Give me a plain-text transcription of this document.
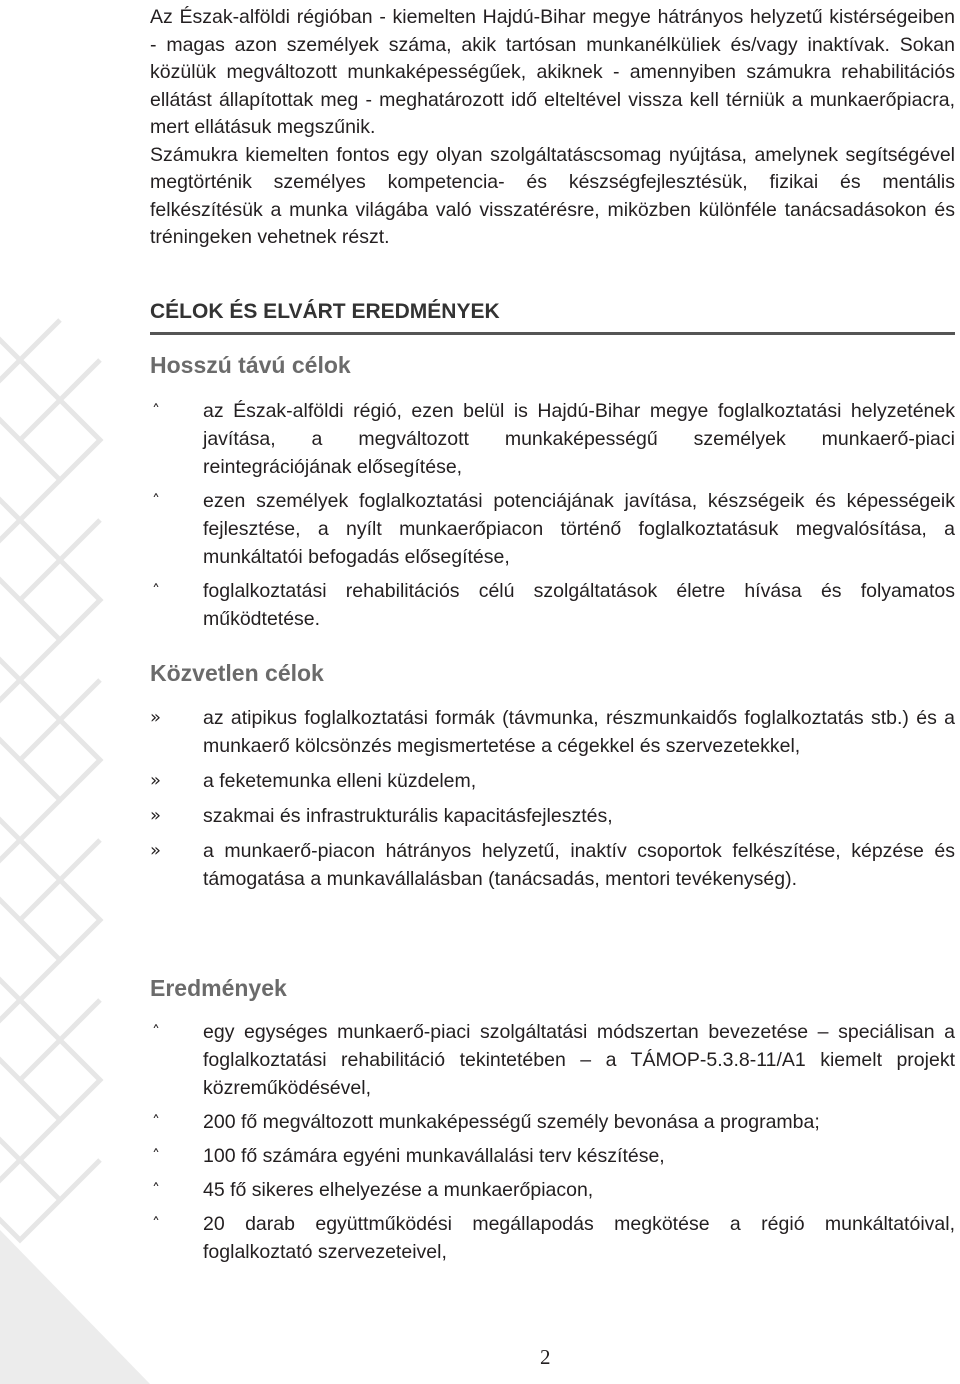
Az Észak-alföldi régióban - kiemelten Hajdú-Bihar megye hátrányos helyzetű kistérségeiben - magas azon személyek száma, akik tartósan munkanélküliek és/vagy inaktívak. Sokan közülük megváltozott munkaképességűek, akiknek - amennyiben számukra rehabilitációs ellátást állapítottak meg - meghatározott idő elteltével vissza kell térniük a munkaerőpiacra, mert ellátásuk megszűnik.

Számukra kiemelten fontos egy olyan szolgáltatáscsomag nyújtása, amelynek segítségével megtörténik személyes kompetencia- és készségfejlesztésük, fizikai és mentális felkészítésük a munka világába való visszatérésre, miközben különféle tanácsadásokon és tréningeken vehetnek részt.

CÉLOK ÉS ELVÁRT EREDMÉNYEK
Hosszú távú célok
˄ az Észak-alföldi régió, ezen belül is Hajdú-Bihar megye foglalkoztatási helyzetének javítása, a megváltozott munkaképességű személyek munkaerő-piaci reintegrációjának elősegítése,
˄ ezen személyek foglalkoztatási potenciájának javítása, készségeik és képességeik fejlesztése, a nyílt munkaerőpiacon történő foglalkoztatásuk megvalósítása, a munkáltatói befogadás elősegítése,
˄ foglalkoztatási rehabilitációs célú szolgáltatások életre hívása és folyamatos működtetése.
Közvetlen célok
» az atipikus foglalkoztatási formák (távmunka, részmunkaidős foglalkoztatás stb.) és a munkaerő kölcsönzés megismertetése a cégekkel és szervezetekkel,
» a feketemunka elleni küzdelem,
» szakmai és infrastrukturális kapacitásfejlesztés,
» a munkaerő-piacon hátrányos helyzetű, inaktív csoportok felkészítése, képzése és támogatása a munkavállalásban (tanácsadás, mentori tevékenység).
Eredmények
˄ egy egységes munkaerő-piaci szolgáltatási módszertan bevezetése – speciálisan a foglalkoztatási rehabilitáció tekintetében – a TÁMOP-5.3.8-11/A1 kiemelt projekt közreműködésével,
˄ 200 fő megváltozott munkaképességű személy bevonása a programba;
˄ 100 fő számára egyéni munkavállalási terv készítése,
˄ 45 fő sikeres elhelyezése a munkaerőpiacon,
˄ 20 darab együttműködési megállapodás megkötése a régió munkáltatóival, foglalkoztató szervezeteivel,
2
